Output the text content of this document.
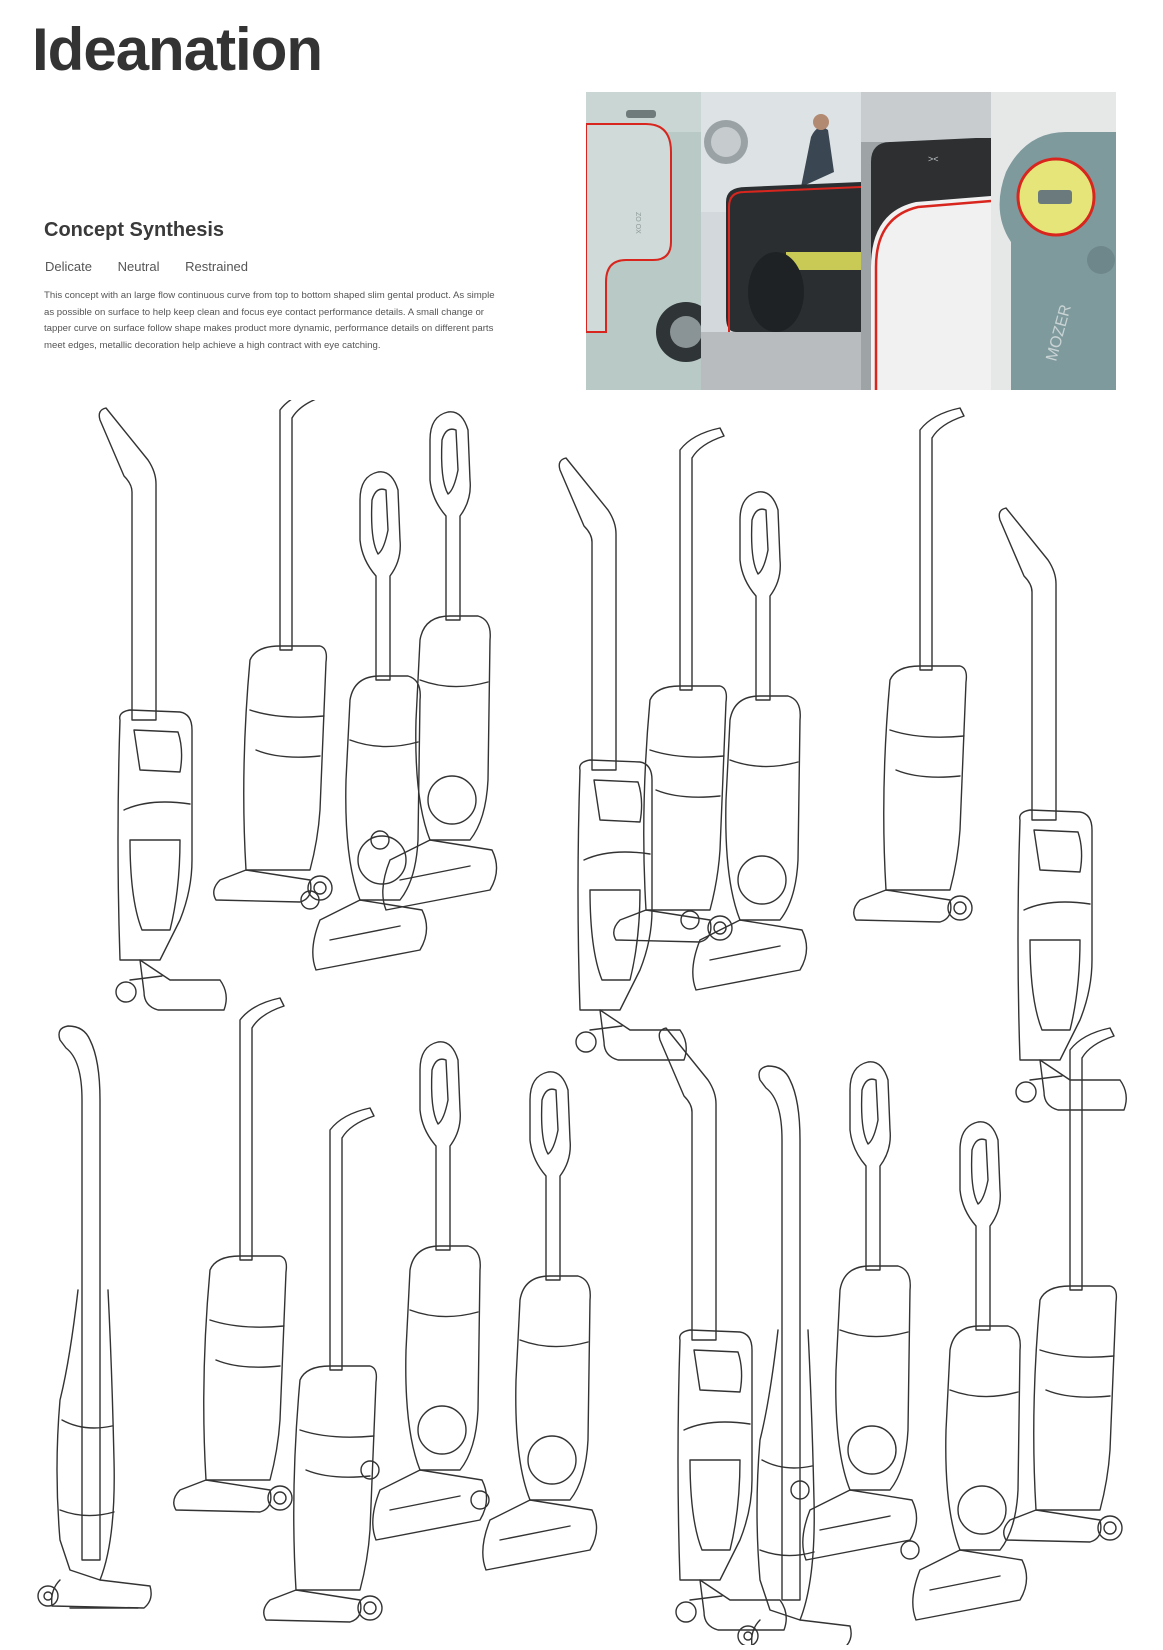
Ideanation
Concept Synthesis
Delicate Neutral Restrained

This concept with an large flow continuous curve from top to bottom shaped slim gental product. As simple as possible on surface to help keep clean and focus eye contact performance details. A small change or tapper curve on surface follow shape makes product more dynamic, performance details on different parts meet edges, metallic decoration help achieve a high contract with eye catching.

ZO OX
><
MOZER
